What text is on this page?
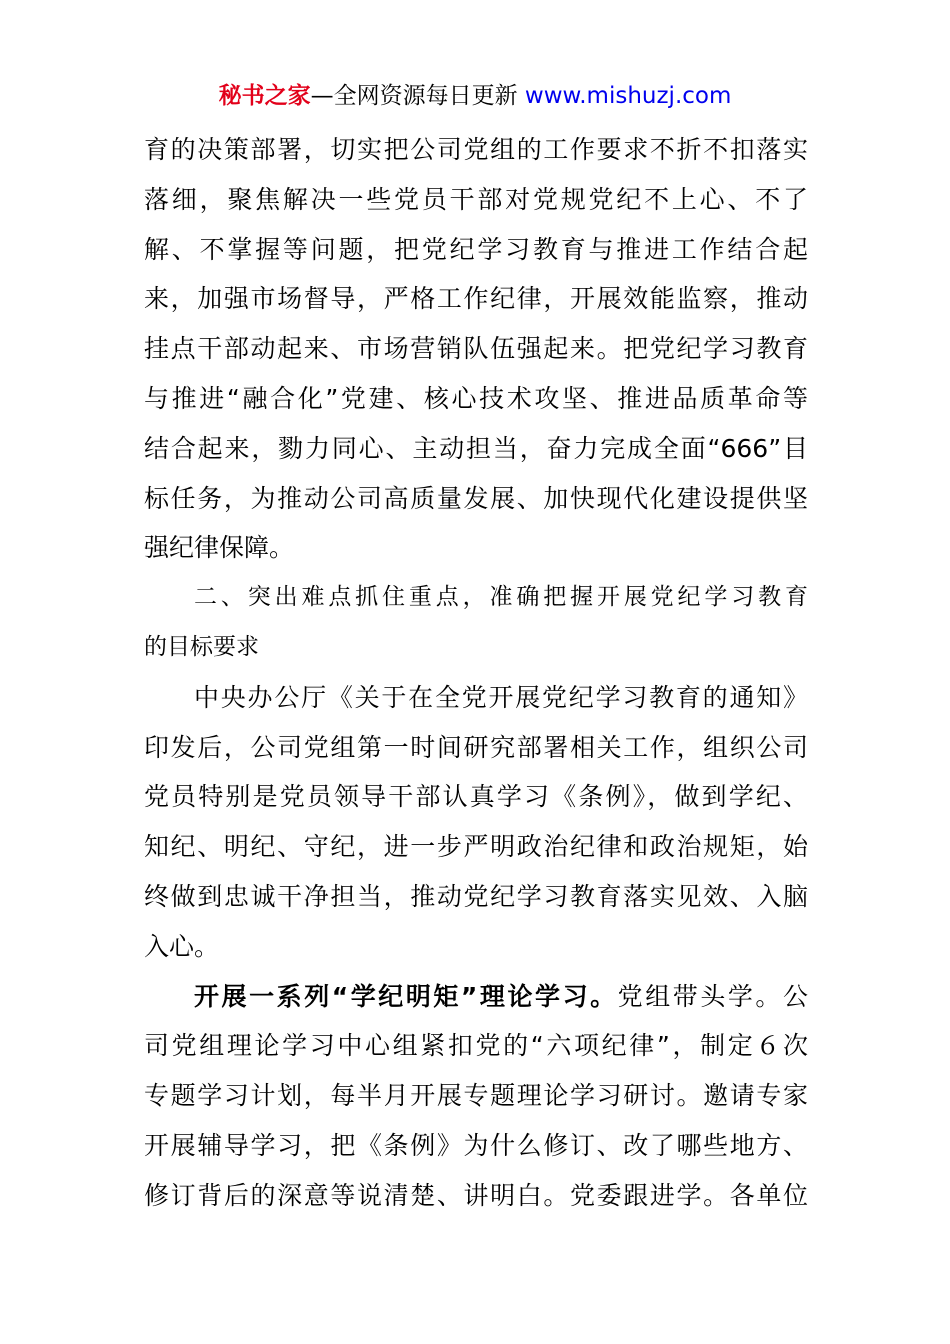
秘书之家—全网资源每日更新 www.mishuzj.com
育的决策部署，切实把公司党组的工作要求不折不扣落实
落细，聚焦解决一些党员干部对党规党纪不上心、不了
解、不掌握等问题，把党纪学习教育与推进工作结合起
来，加强市场督导，严格工作纪律，开展效能监察，推动
挂点干部动起来、市场营销队伍强起来。把党纪学习教育
与推进“融合化”党建、核心技术攻坚、推进品质革命等
结合起来，勠力同心、主动担当，奋力完成全面“666”目
标任务，为推动公司高质量发展、加快现代化建设提供坚
强纪律保障。
二、突出难点抓住重点，准确把握开展党纪学习教育
的目标要求
中央办公厅《关于在全党开展党纪学习教育的通知》
印发后，公司党组第一时间研究部署相关工作，组织公司
党员特别是党员领导干部认真学习《条例》，做到学纪、
知纪、明纪、守纪，进一步严明政治纪律和政治规矩，始
终做到忠诚干净担当，推动党纪学习教育落实见效、入脑
入心。
开展一系列“学纪明矩”理论学习。党组带头学。公
司党组理论学习中心组紧扣党的“六项纪律”，制定６次
专题学习计划，每半月开展专题理论学习研讨。邀请专家
开展辅导学习，把《条例》为什么修订、改了哪些地方、
修订背后的深意等说清楚、讲明白。党委跟进学。各单位
